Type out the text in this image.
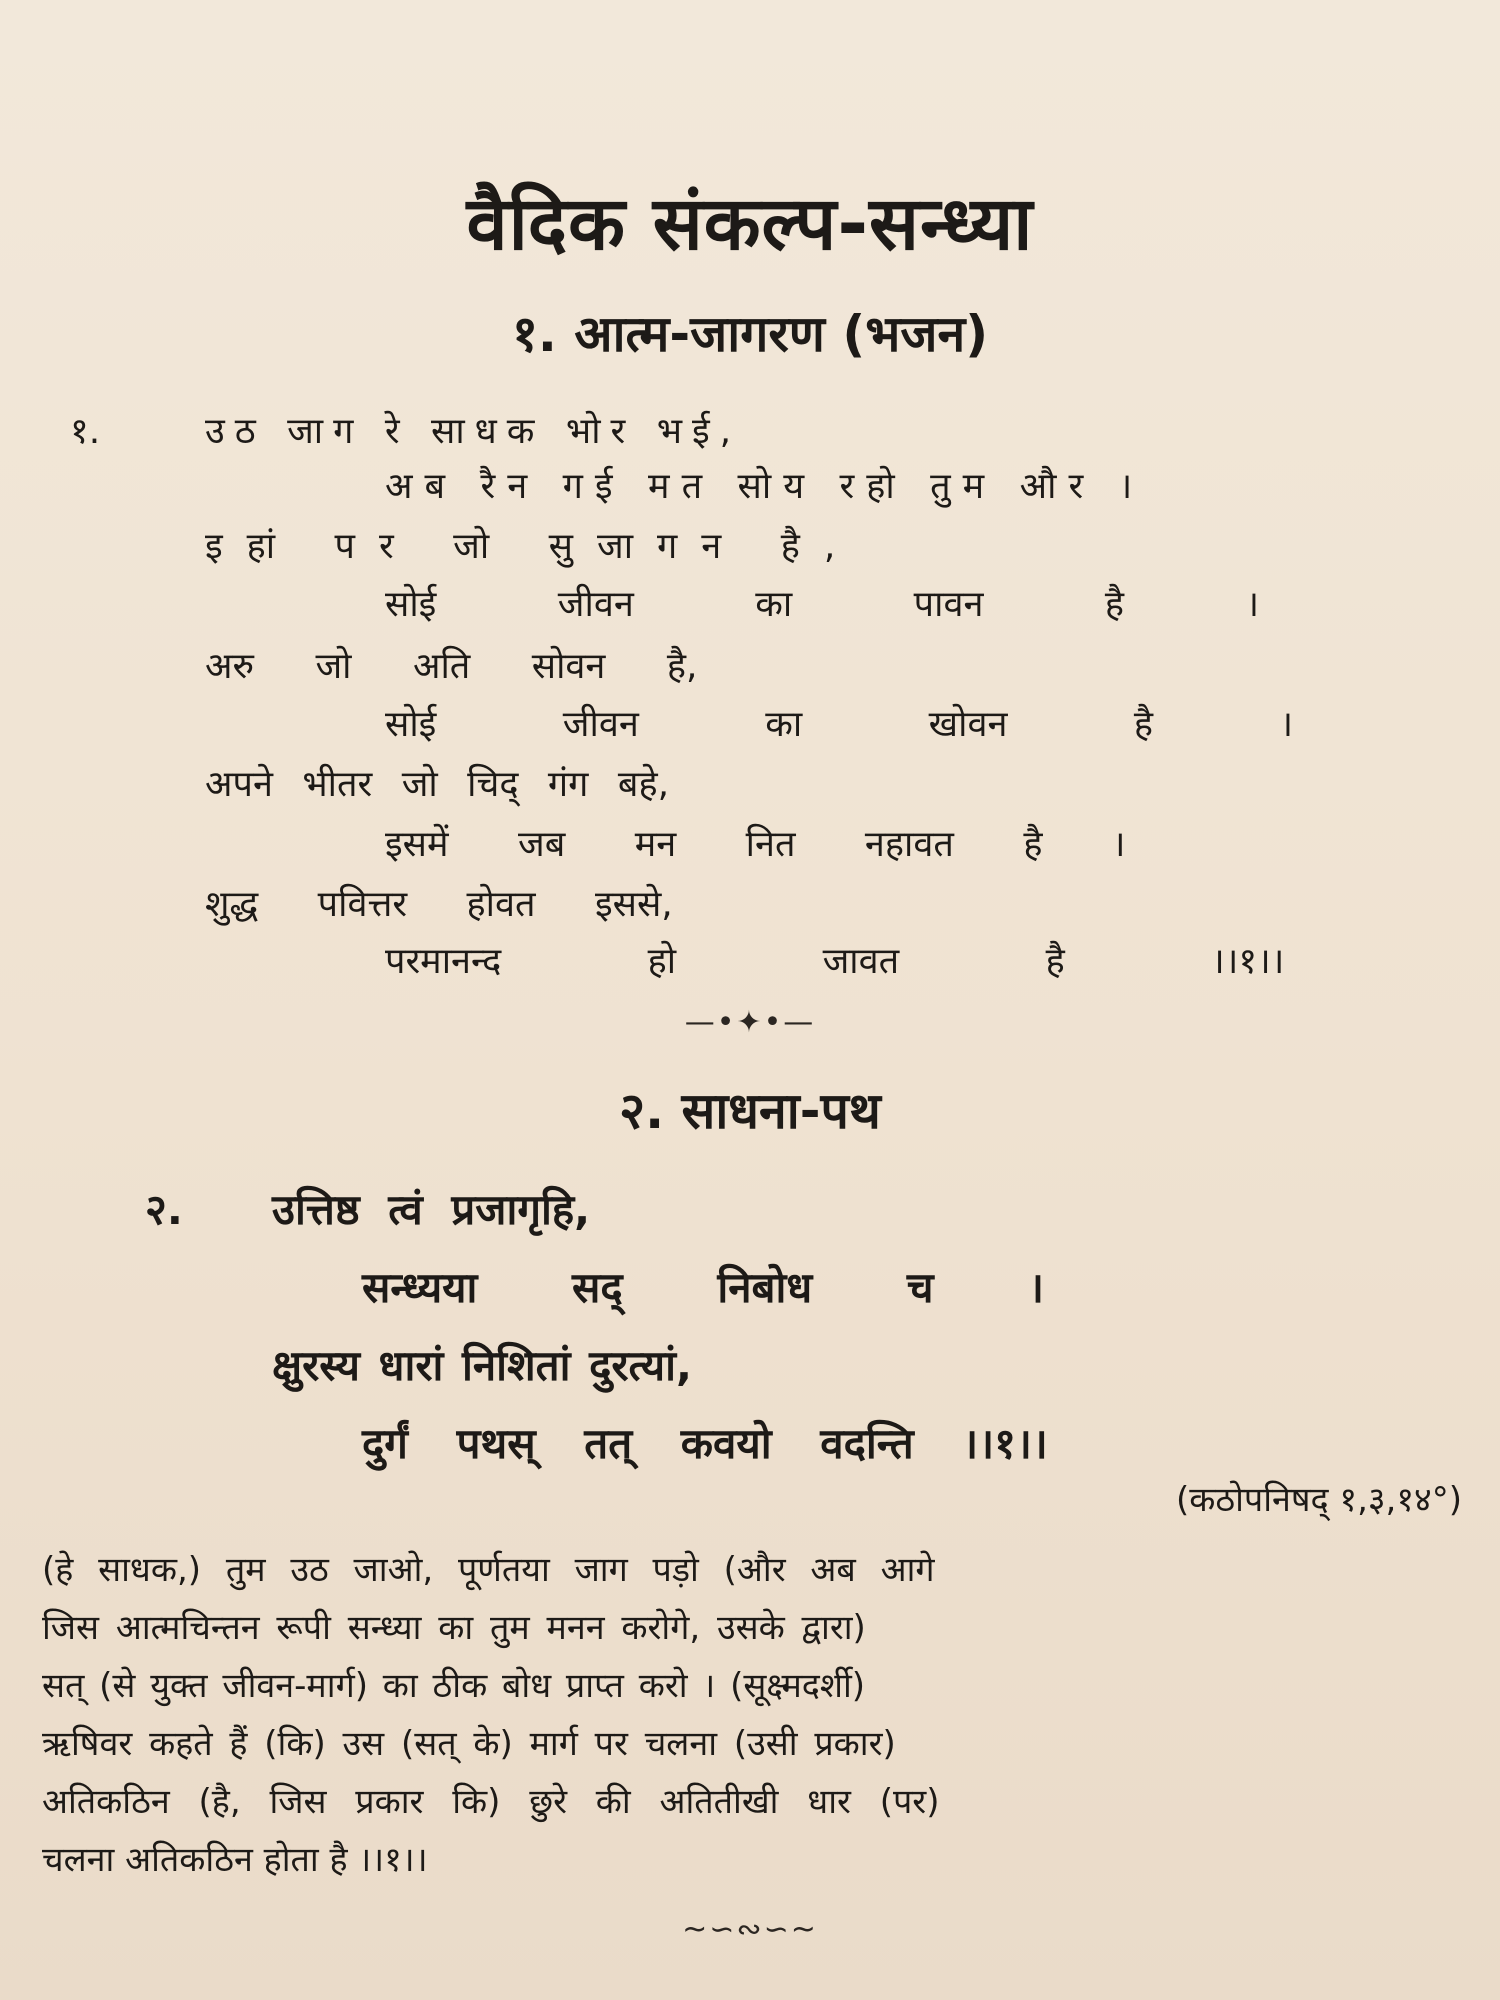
वैदिक संकल्प-सन्ध्या
१. आत्म-जागरण (भजन)
१.	उठ जाग रे साधक भोर भई,
अब रैन गई मत सोय रहो तुम और ।
इहां पर जो सुजागन है,
सोई जीवन का पावन है ।
अरु जो अति सोवन है,
सोई जीवन का खोवन है ।
अपने भीतर जो चिद् गंग बहे,
इसमें जब मन नित नहावत है ।
शुद्ध पवित्तर होवत इससे,
परमानन्द हो जावत है ।।१।।
—•✦•—
२. साधना-पथ
२. उत्तिष्ठ त्वं प्रजागृहि,
सन्ध्यया सद् निबोध च ।
क्षुरस्य धारां निशितां दुरत्यां,
दुर्गं पथस् तत् कवयो वदन्ति ।।१।।
(कठोपनिषद् १,३,१४°)
(हे साधक,) तुम उठ जाओ, पूर्णतया जाग पड़ो (और अब आगे
जिस आत्मचिन्तन रूपी सन्ध्या का तुम मनन करोगे, उसके द्वारा)
सत् (से युक्त जीवन-मार्ग) का ठीक बोध प्राप्त करो । (सूक्ष्मदर्शी)
ऋषिवर कहते हैं (कि) उस (सत् के) मार्ग पर चलना (उसी प्रकार)
अतिकठिन (है, जिस प्रकार कि) छुरे की अतितीखी धार (पर)
चलना अतिकठिन होता है ।।१।।
~∽∾∽~
